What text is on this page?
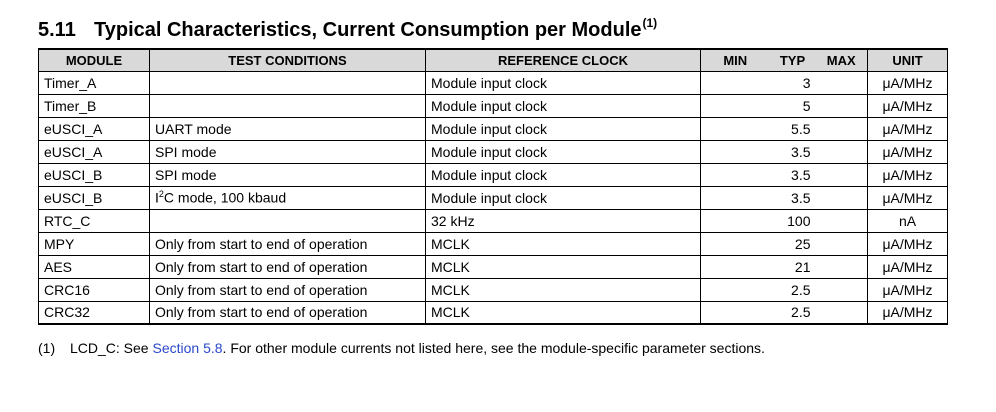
5.11 Typical Characteristics, Current Consumption per Module$^{(1)}$
MODULE	TEST CONDITIONS	REFERENCE CLOCK	MIN	TYP	MAX	UNIT
Timer_A		Module input clock		3		μA/MHz
Timer_B		Module input clock		5		μA/MHz
eUSCI_A	UART mode	Module input clock		5.5		μA/MHz
eUSCI_A	SPI mode	Module input clock		3.5		μA/MHz
eUSCI_B	SPI mode	Module input clock		3.5		μA/MHz
eUSCI_B	$I^2C$ mode, 100 kbaud	Module input clock		3.5		μA/MHz
RTC_C		32 kHz		100		nA
MPY	Only from start to end of operation	MCLK		25		μA/MHz
AES	Only from start to end of operation	MCLK		21		μA/MHz
CRC16	Only from start to end of operation	MCLK		2.5		μA/MHz
CRC32	Only from start to end of operation	MCLK		2.5		μA/MHz
(1) LCD_C: See Section 5.8. For other module currents not listed here, see the module-specific parameter sections.
